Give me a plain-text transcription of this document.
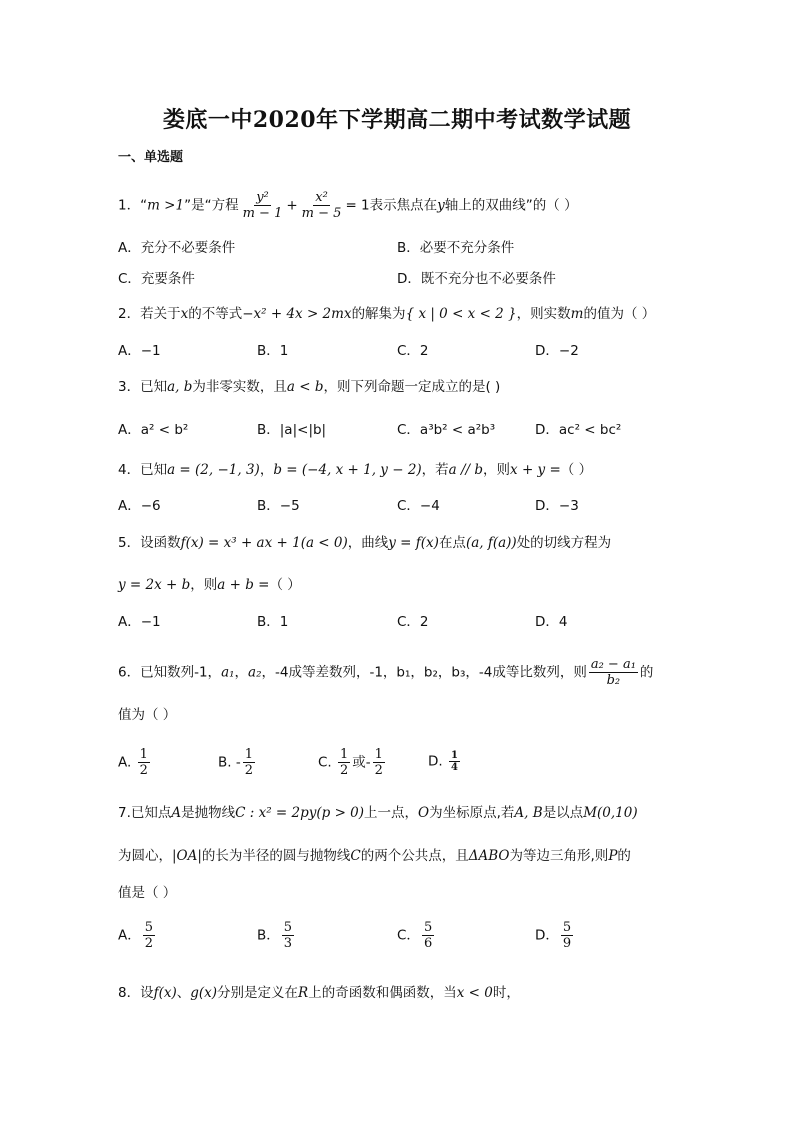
娄底一中2020年下学期高二期中考试数学试题
一、单选题
1．“m >1”是“方程 $\frac{\text{y²}}{m - 1} + \frac{\text{x²}}{m - 5} = 1$表示焦点在y轴上的双曲线”的（ ）
A．充分不必要条件	B．必要不充分条件
C．充要条件	D．既不充分也不必要条件
2．若关于x的不等式−x² + 4x > 2mx的解集为{ x | 0 < x < 2 }，则实数m的值为（ ）
A．−1	B．1	C．2	D．−2
3．已知a, b为非零实数，且a < b，则下列命题一定成立的是( )
A．a² < b²	B．|a|<|b|	C．a³b² < a²b³	D．ac² < bc²
4．已知a = (2, −1, 3)，b = (−4, x + 1, y − 2)，若a // b，则x + y =（ ）
A．−6	B．−5	C．−4	D．−3
5．设函数f(x) = x³ + ax + 1(a < 0)，曲线y = f(x)在点(a, f(a))处的切线方程为
y = 2x + b，则a + b =（ ）
A．−1	B．1	C．2	D．4
6．已知数列-1，a₁，a₂，-4成等差数列，-1，b₁，b₂，b₃，-4成等比数列，则 $\frac{\text{a₂ − a₁}}{\text{b₂}}$ 的
值为（ ）
A. $\frac{1}{2}$	B. - $\frac{1}{2}$	C. $\frac{1}{2}$ 或- $\frac{1}{2}$	D. $\frac{1}{4}$
7.已知点A是抛物线C : x² = 2py(p > 0)上一点，O为坐标原点,若A, B是以点M(0,10)
为圆心，|OA|的长为半径的圆与抛物线C的两个公共点，且ΔABO为等边三角形,则P的
值是（ ）
A． $\frac{5}{2}$	B． $\frac{5}{3}$	C． $\frac{5}{6}$	D． $\frac{5}{9}$
8．设f(x)、g(x)分别是定义在R上的奇函数和偶函数，当x < 0时，
